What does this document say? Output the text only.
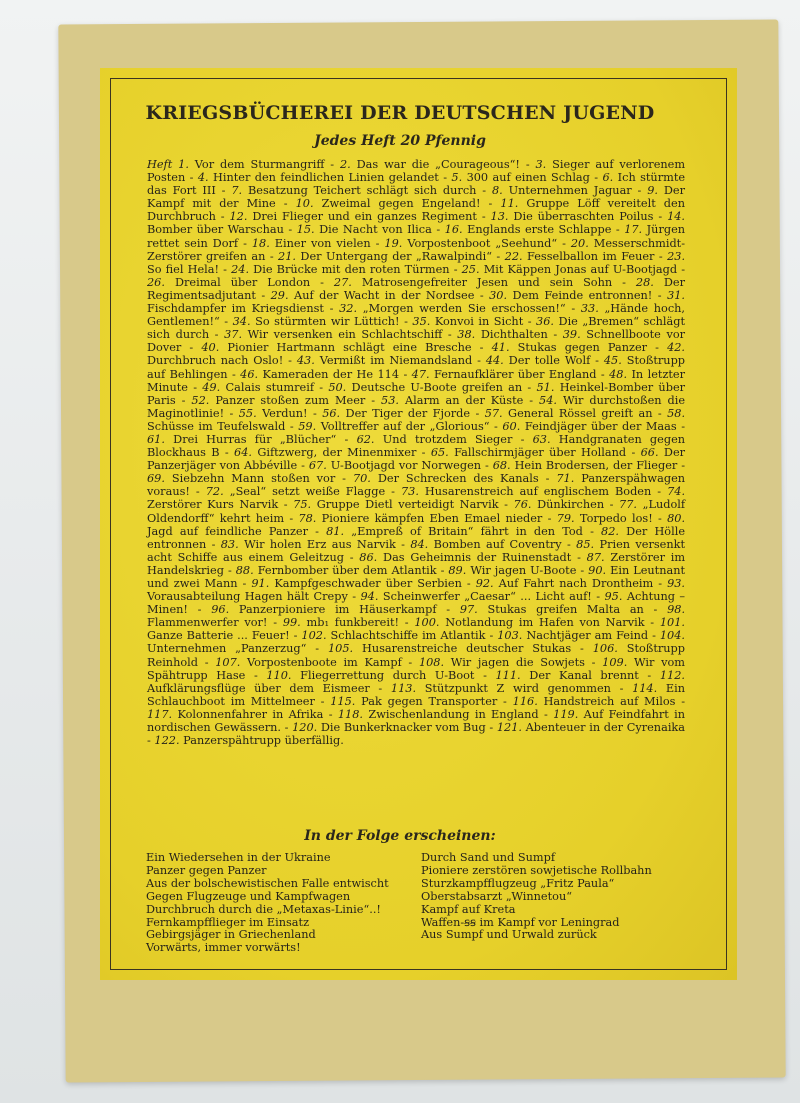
KRIEGSBÜCHEREI DER DEUTSCHEN JUGEND
Jedes Heft 20 Pfennig
Heft 1. Vor dem Sturmangriff - 2. Das war die „Courageous“! - 3. Sieger auf verlorenem Posten - 4. Hinter den feindlichen Linien gelandet - 5. 300 auf einen Schlag - 6. Ich stürmte das Fort III - 7. Besatzung Teichert schlägt sich durch - 8. Unternehmen Jaguar - 9. Der Kampf mit der Mine - 10. Zweimal gegen Engeland! - 11. Gruppe Löff vereitelt den Durchbruch - 12. Drei Flieger und ein ganzes Regiment - 13. Die überraschten Poilus - 14. Bomber über Warschau - 15. Die Nacht von Ilica - 16. Englands erste Schlappe - 17. Jürgen rettet sein Dorf - 18. Einer von vielen - 19. Vorpostenboot „Seehund“ - 20. Messerschmidt-Zerstörer greifen an - 21. Der Untergang der „Rawalpindi“ - 22. Fesselballon im Feuer - 23. So fiel Hela! - 24. Die Brücke mit den roten Türmen - 25. Mit Käppen Jonas auf U-Bootjagd - 26. Dreimal über London - 27. Matrosengefreiter Jesen und sein Sohn - 28. Der Regimentsadjutant - 29. Auf der Wacht in der Nordsee - 30. Dem Feinde entronnen! - 31. Fischdampfer im Kriegsdienst - 32. „Morgen werden Sie erschossen!“ - 33. „Hände hoch, Gentlemen!“ - 34. So stürmten wir Lüttich! - 35. Konvoi in Sicht - 36. Die „Bremen“ schlägt sich durch - 37. Wir versenken ein Schlachtschiff - 38. Dichthalten - 39. Schnellboote vor Dover - 40. Pionier Hartmann schlägt eine Bresche - 41. Stukas gegen Panzer - 42. Durchbruch nach Oslo! - 43. Vermißt im Niemandsland - 44. Der tolle Wolf - 45. Stoßtrupp auf Behlingen - 46. Kameraden der He 114 - 47. Fernaufklärer über England - 48. In letzter Minute - 49. Calais stumreif - 50. Deutsche U-Boote greifen an - 51. Heinkel-Bomber über Paris - 52. Panzer stoßen zum Meer - 53. Alarm an der Küste - 54. Wir durchstoßen die Maginotlinie! - 55. Verdun! - 56. Der Tiger der Fjorde - 57. General Rössel greift an - 58. Schüsse im Teufelswald - 59. Volltreffer auf der „Glorious“ - 60. Feindjäger über der Maas - 61. Drei Hurras für „Blücher“ - 62. Und trotzdem Sieger - 63. Handgranaten gegen Blockhaus B - 64. Giftzwerg, der Minenmixer - 65. Fallschirmjäger über Holland - 66. Der Panzerjäger von Abbéville - 67. U-Bootjagd vor Norwegen - 68. Hein Brodersen, der Flieger - 69. Siebzehn Mann stoßen vor - 70. Der Schrecken des Kanals - 71. Panzerspähwagen voraus! - 72. „Seal“ setzt weiße Flagge - 73. Husarenstreich auf englischem Boden - 74. Zerstörer Kurs Narvik - 75. Gruppe Dietl verteidigt Narvik - 76. Dünkirchen - 77. „Ludolf Oldendorff“ kehrt heim - 78. Pioniere kämpfen Eben Emael nieder - 79. Torpedo los! - 80. Jagd auf feindliche Panzer - 81. „Empreß of Britain“ fährt in den Tod - 82. Der Hölle entronnen - 83. Wir holen Erz aus Narvik - 84. Bomben auf Coventry - 85. Prien versenkt acht Schiffe aus einem Geleitzug - 86. Das Geheimnis der Ruinenstadt - 87. Zerstörer im Handelskrieg - 88. Fernbomber über dem Atlantik - 89. Wir jagen U-Boote - 90. Ein Leutnant und zwei Mann - 91. Kampfgeschwader über Serbien - 92. Auf Fahrt nach Drontheim - 93. Vorausabteilung Hagen hält Crepy - 94. Scheinwerfer „Caesar“ ... Licht auf! - 95. Achtung – Minen! - 96. Panzerpioniere im Häuserkampf - 97. Stukas greifen Malta an - 98. Flammenwerfer vor! - 99. mb₁ funkbereit! - 100. Notlandung im Hafen von Narvik - 101. Ganze Batterie ... Feuer! - 102. Schlachtschiffe im Atlantik - 103. Nachtjäger am Feind - 104. Unternehmen „Panzerzug“ - 105. Husarenstreiche deutscher Stukas - 106. Stoßtrupp Reinhold - 107. Vorpostenboote im Kampf - 108. Wir jagen die Sowjets - 109. Wir vom Spähtrupp Hase - 110. Fliegerrettung durch U-Boot - 111. Der Kanal brennt - 112. Aufklärungsflüge über dem Eismeer - 113. Stützpunkt Z wird genommen - 114. Ein Schlauchboot im Mittelmeer - 115. Pak gegen Transporter - 116. Handstreich auf Milos - 117. Kolonnenfahrer in Afrika - 118. Zwischenlandung in England - 119. Auf Feindfahrt in nordischen Gewässern. - 120. Die Bunkerknacker vom Bug - 121. Abenteuer in der Cyrenaika - 122. Panzerspähtrupp überfällig.
In der Folge erscheinen:
Ein Wiedersehen in der Ukraine
Panzer gegen Panzer
Aus der bolschewistischen Falle entwischt
Gegen Flugzeuge und Kampfwagen
Durchbruch durch die „Metaxas-Linie“..!
Fernkampfflieger im Einsatz
Gebirgsjäger in Griechenland
Vorwärts, immer vorwärts!
Durch Sand und Sumpf
Pioniere zerstören sowjetische Rollbahn
Sturzkampfflugzeug „Fritz Paula“
Oberstabsarzt „Winnetou“
Kampf auf Kreta
Waffen-ꞩꞩ im Kampf vor Leningrad
Aus Sumpf und Urwald zurück
